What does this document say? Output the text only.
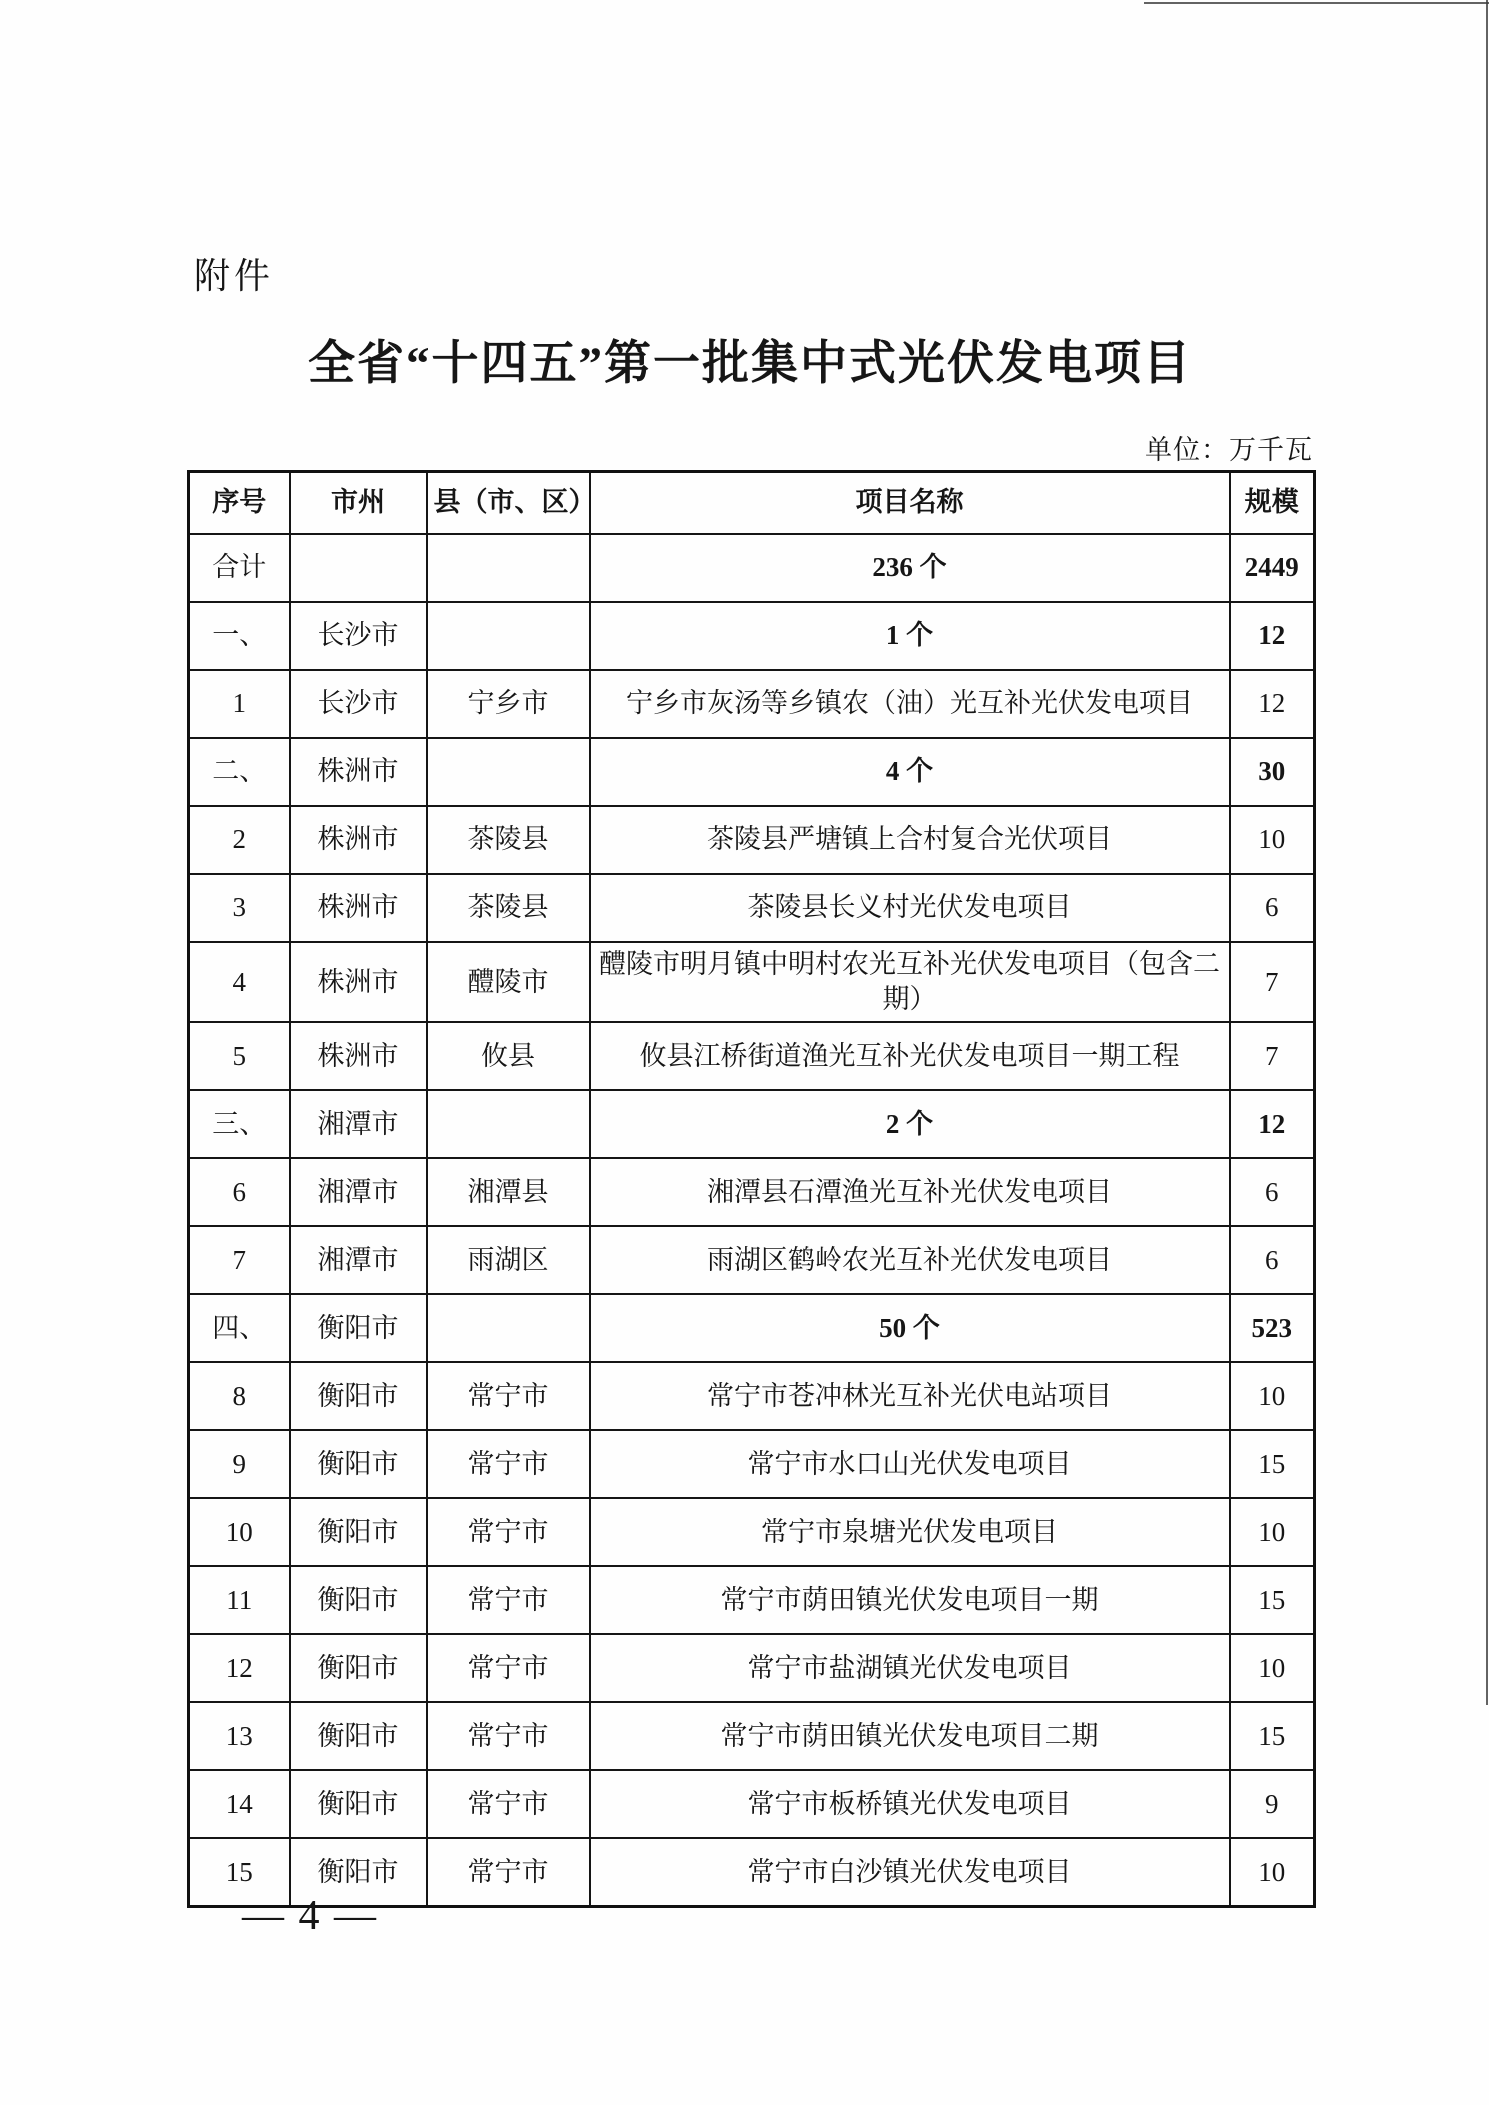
附件
全省“十四五”第一批集中式光伏发电项目
单位：万千瓦
序号	市州	县（市、区）	项目名称	规模
合计			236 个	2449
一、	长沙市		1 个	12
1	长沙市	宁乡市	宁乡市灰汤等乡镇农（油）光互补光伏发电项目	12
二、	株洲市		4 个	30
2	株洲市	茶陵县	茶陵县严塘镇上合村复合光伏项目	10
3	株洲市	茶陵县	茶陵县长义村光伏发电项目	6
4	株洲市	醴陵市	醴陵市明月镇中明村农光互补光伏发电项目（包含二期）	7
5	株洲市	攸县	攸县江桥街道渔光互补光伏发电项目一期工程	7
三、	湘潭市		2 个	12
6	湘潭市	湘潭县	湘潭县石潭渔光互补光伏发电项目	6
7	湘潭市	雨湖区	雨湖区鹤岭农光互补光伏发电项目	6
四、	衡阳市		50 个	523
8	衡阳市	常宁市	常宁市苍冲林光互补光伏电站项目	10
9	衡阳市	常宁市	常宁市水口山光伏发电项目	15
10	衡阳市	常宁市	常宁市泉塘光伏发电项目	10
11	衡阳市	常宁市	常宁市荫田镇光伏发电项目一期	15
12	衡阳市	常宁市	常宁市盐湖镇光伏发电项目	10
13	衡阳市	常宁市	常宁市荫田镇光伏发电项目二期	15
14	衡阳市	常宁市	常宁市板桥镇光伏发电项目	9
15	衡阳市	常宁市	常宁市白沙镇光伏发电项目	10
— 4 —
